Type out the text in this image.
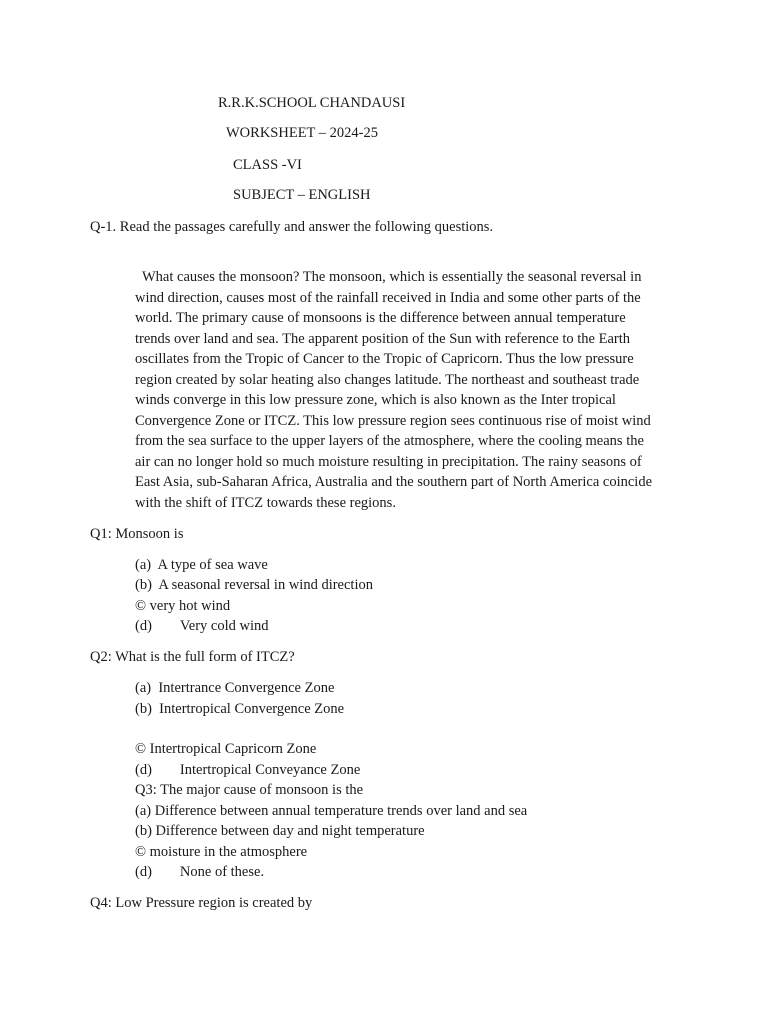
R.R.K.SCHOOL CHANDAUSI
WORKSHEET – 2024-25
CLASS -VI
SUBJECT – ENGLISH
Q-1. Read the passages carefully and answer the following questions.
What causes the monsoon? The monsoon, which is essentially the seasonal reversal in
wind direction, causes most of the rainfall received in India and some other parts of the
world. The primary cause of monsoons is the difference between annual temperature
trends over land and sea. The apparent position of the Sun with reference to the Earth
oscillates from the Tropic of Cancer to the Tropic of Capricorn. Thus the low pressure
region created by solar heating also changes latitude. The northeast and southeast trade
winds converge in this low pressure zone, which is also known as the Inter tropical
Convergence Zone or ITCZ. This low pressure region sees continuous rise of moist wind
from the sea surface to the upper layers of the atmosphere, where the cooling means the
air can no longer hold so much moisture resulting in precipitation. The rainy seasons of
East Asia, sub-Saharan Africa, Australia and the southern part of North America coincide
with the shift of ITCZ towards these regions.
Q1: Monsoon is
(a)  A type of sea wave
(b)  A seasonal reversal in wind direction
© very hot wind
(d) Very cold wind
Q2: What is the full form of ITCZ?
(a)  Intertrance Convergence Zone
(b)  Intertropical Convergence Zone
© Intertropical Capricorn Zone
(d) Intertropical Conveyance Zone
Q3: The major cause of monsoon is the
(a) Difference between annual temperature trends over land and sea
(b) Difference between day and night temperature
© moisture in the atmosphere
(d) None of these.
Q4: Low Pressure region is created by
